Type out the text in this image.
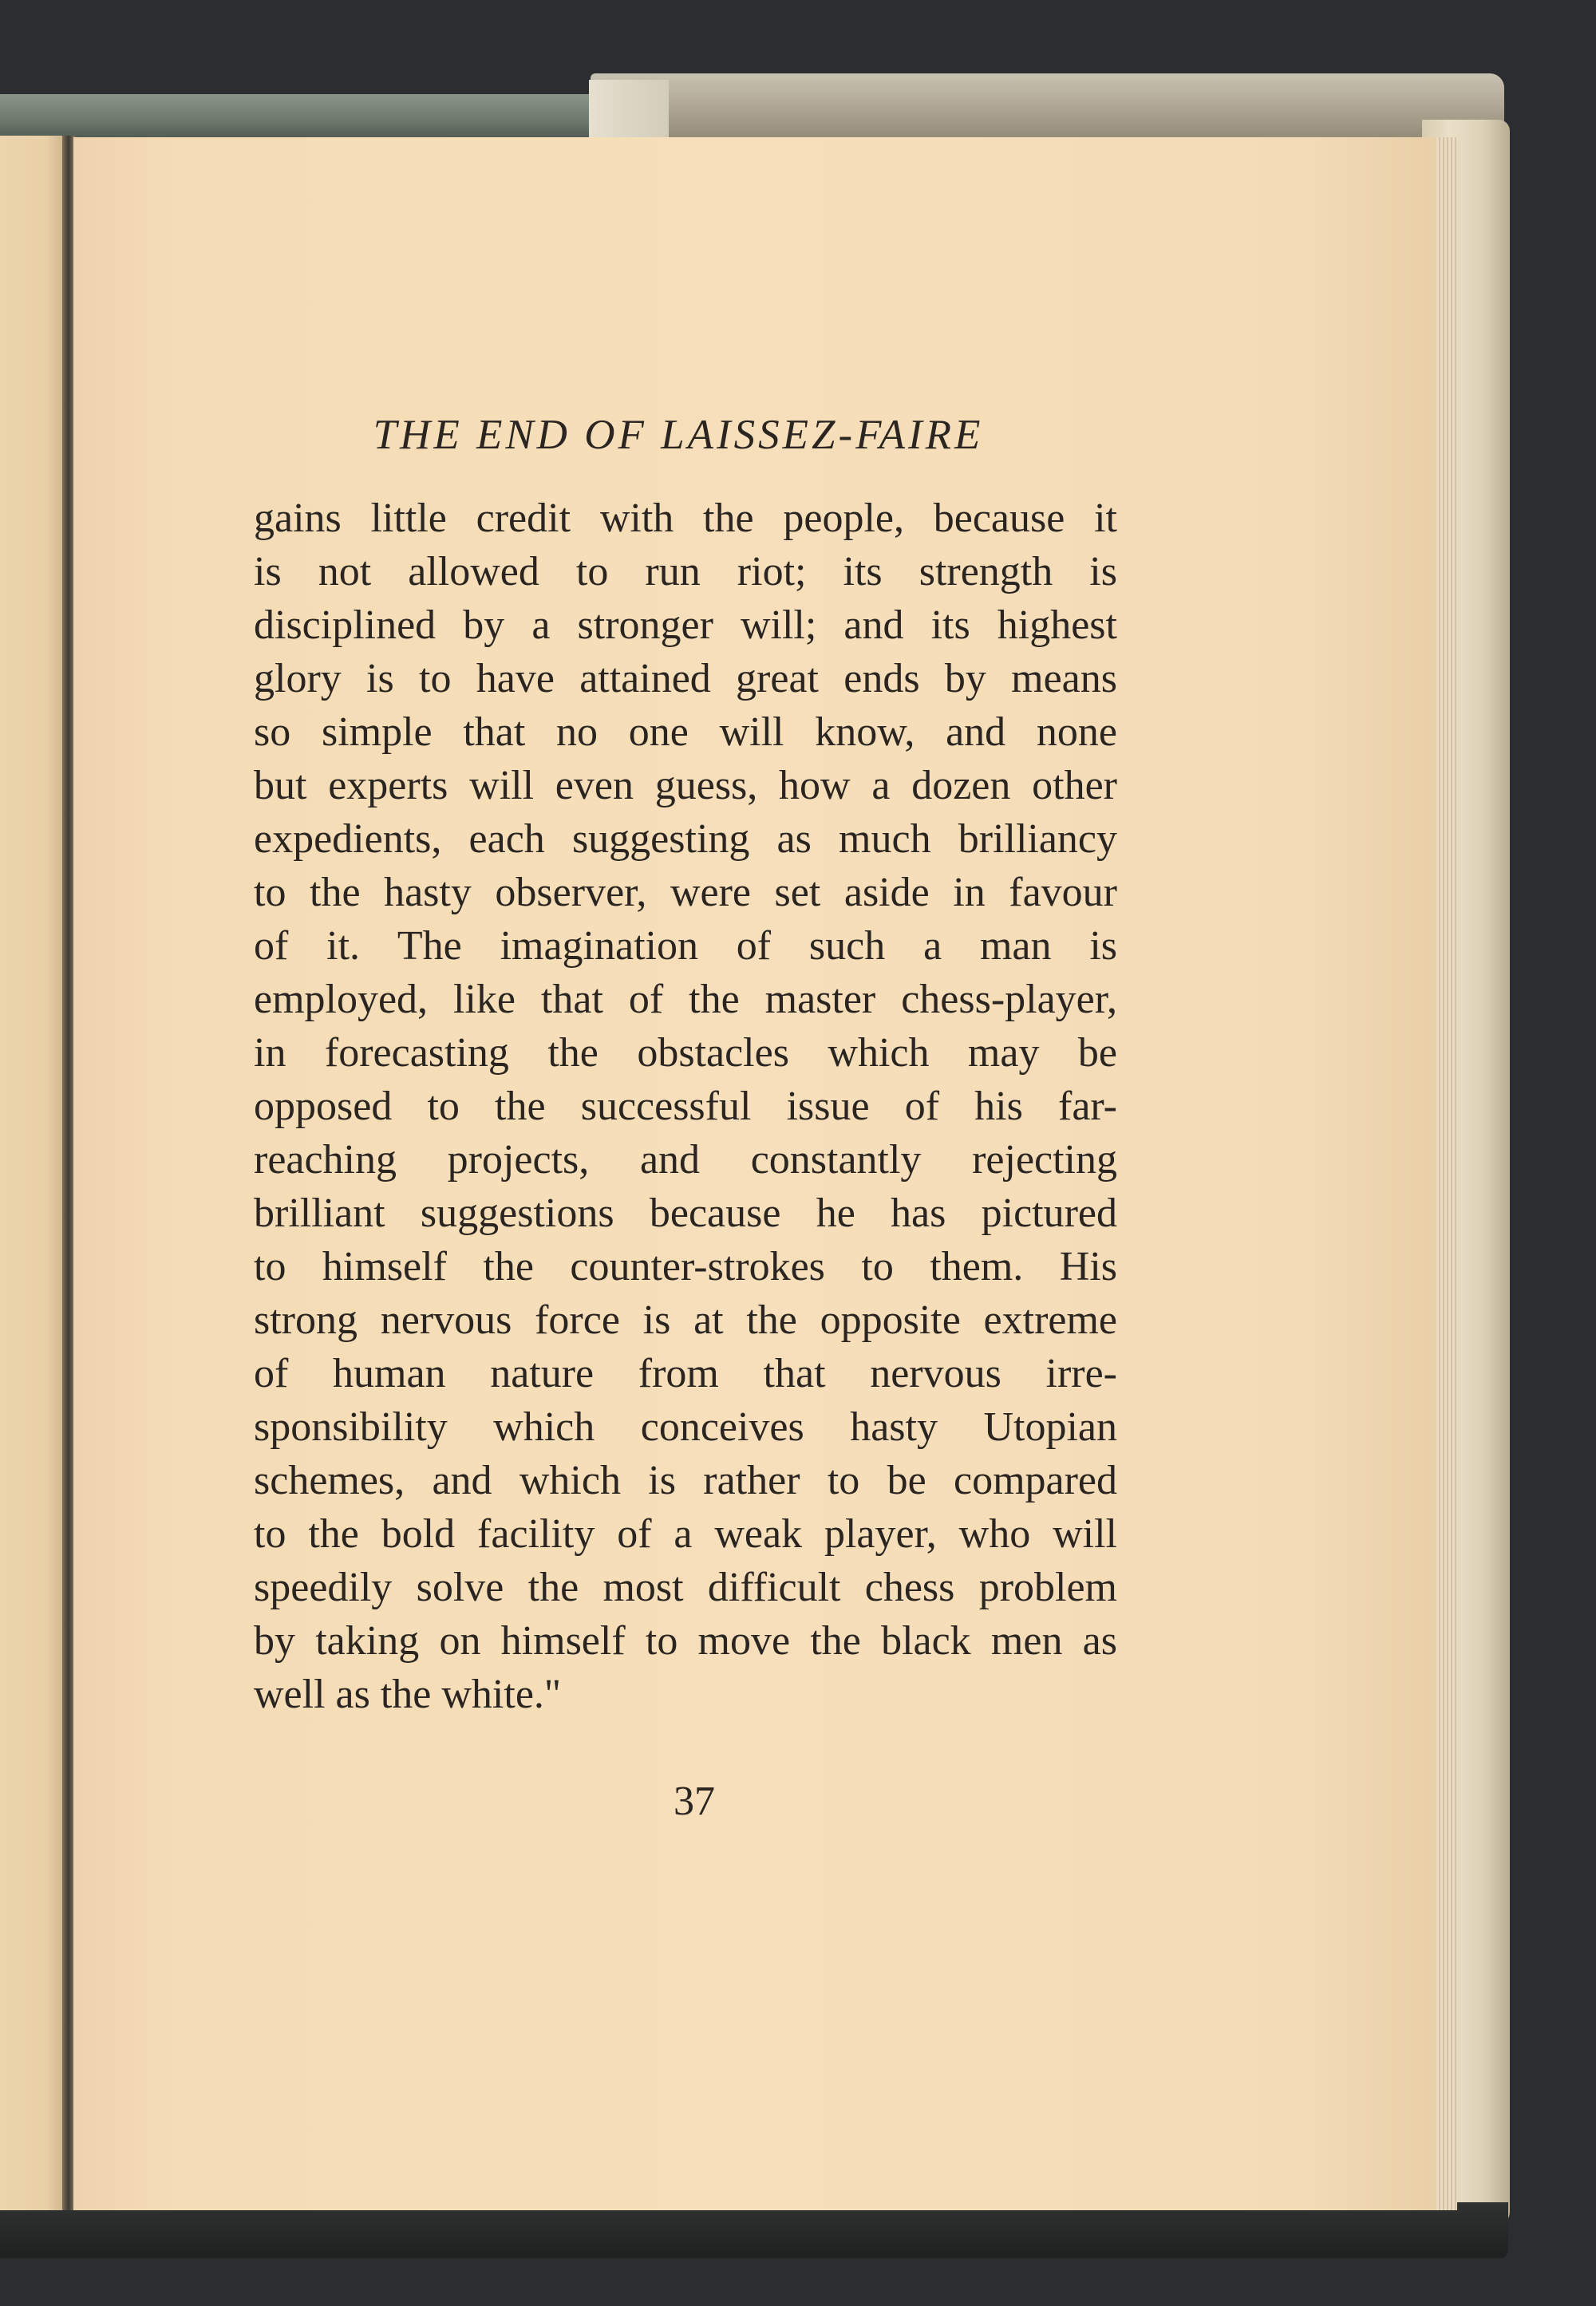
THE END OF LAISSEZ-FAIRE
gains little credit with the people, because it
is not allowed to run riot; its strength is
disciplined by a stronger will; and its highest
glory is to have attained great ends by means
so simple that no one will know, and none
but experts will even guess, how a dozen other
expedients, each suggesting as much brilliancy
to the hasty observer, were set aside in favour
of it. The imagination of such a man is
employed, like that of the master chess-player,
in forecasting the obstacles which may be
opposed to the successful issue of his far-
reaching projects, and constantly rejecting
brilliant suggestions because he has pictured
to himself the counter-strokes to them. His
strong nervous force is at the opposite extreme
of human nature from that nervous irre-
sponsibility which conceives hasty Utopian
schemes, and which is rather to be compared
to the bold facility of a weak player, who will
speedily solve the most difficult chess problem
by taking on himself to move the black men as
well as the white."
37
